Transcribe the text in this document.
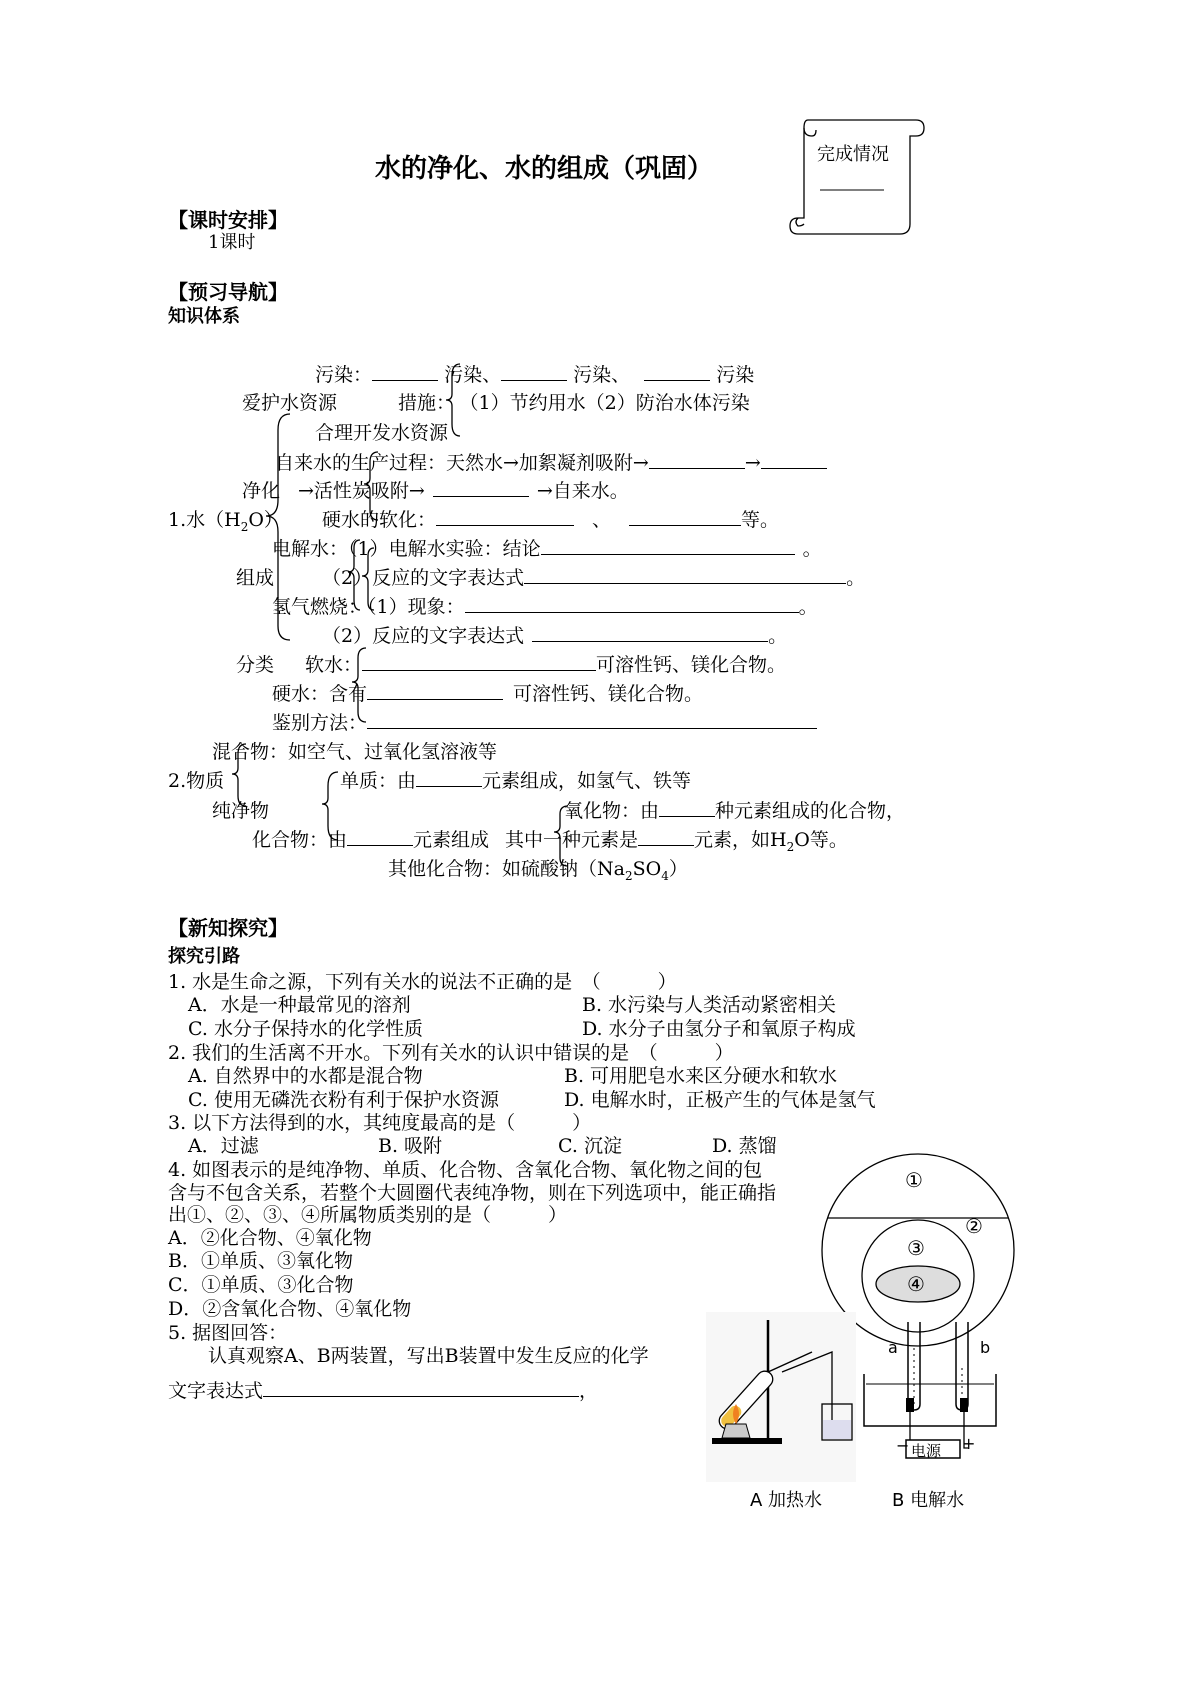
水的净化、水的组成（巩固）	完成情况
【课时安排】
1课时
【预习导航】
知识体系
污染：	污染、	污染、	污染
爱护水资源	措施： （1）节约用水（2）防治水体污染
合理开发水资源
自来水的生产过程：天然水→加絮凝剂吸附→	→
净化 →活性炭吸附→	→自来水。
1.水$(H_2O)$ 硬水的软化：	、	等。
电解水：（1）电解水实验：结论	。
组成	（2）反应的文字表达式	。
氢气燃烧：（1）现象：	。
（2）反应的文字表达式	。
分类 软水：	可溶性钙、镁化合物。
硬水：含有	可溶性钙、镁化合物。
鉴别方法：
混合物：如空气、过氧化氢溶液等
2.物质	单质：由	元素组成，如氢气、铁等
纯净物	氧化物：由	种元素组成的化合物，
化合物：由	元素组成 其中一种元素是	元素，如$H_2O$等。
其他化合物：如硫酸钠$(Na_2SO_4)$
【新知探究】
探究引路
1. 水是生命之源，下列有关水的说法不正确的是　（　　　）
A．水是一种最常见的溶剂	B. 水污染与人类活动紧密相关
C. 水分子保持水的化学性质	D. 水分子由氢分子和氧原子构成
2. 我们的生活离不开水。下列有关水的认识中错误的是　（　　　）
A. 自然界中的水都是混合物	B. 可用肥皂水来区分硬水和软水
C. 使用无磷洗衣粉有利于保护水资源	D. 电解水时，正极产生的气体是氢气
3. 以下方法得到的水，其纯度最高的是（　　　）
A．过滤	B. 吸附	C. 沉淀	D. 蒸馏
4. 如图表示的是纯净物、单质、化合物、含氧化合物、氧化物之间的包
含与不包含关系，若整个大圆圈代表纯净物，则在下列选项中，能正确指
出①、②、③、④所属物质类别的是（　　　）
A．②化合物、④氧化物
B．①单质、③氧化物
C．①单质、③化合物
D．②含氧化合物、④氧化物
①
②
③
④
5. 据图回答：
认真观察A、B两装置，写出B装置中发生反应的化学
文字表达式	，
a	b
电源
−	+
A 加热水	B 电解水
